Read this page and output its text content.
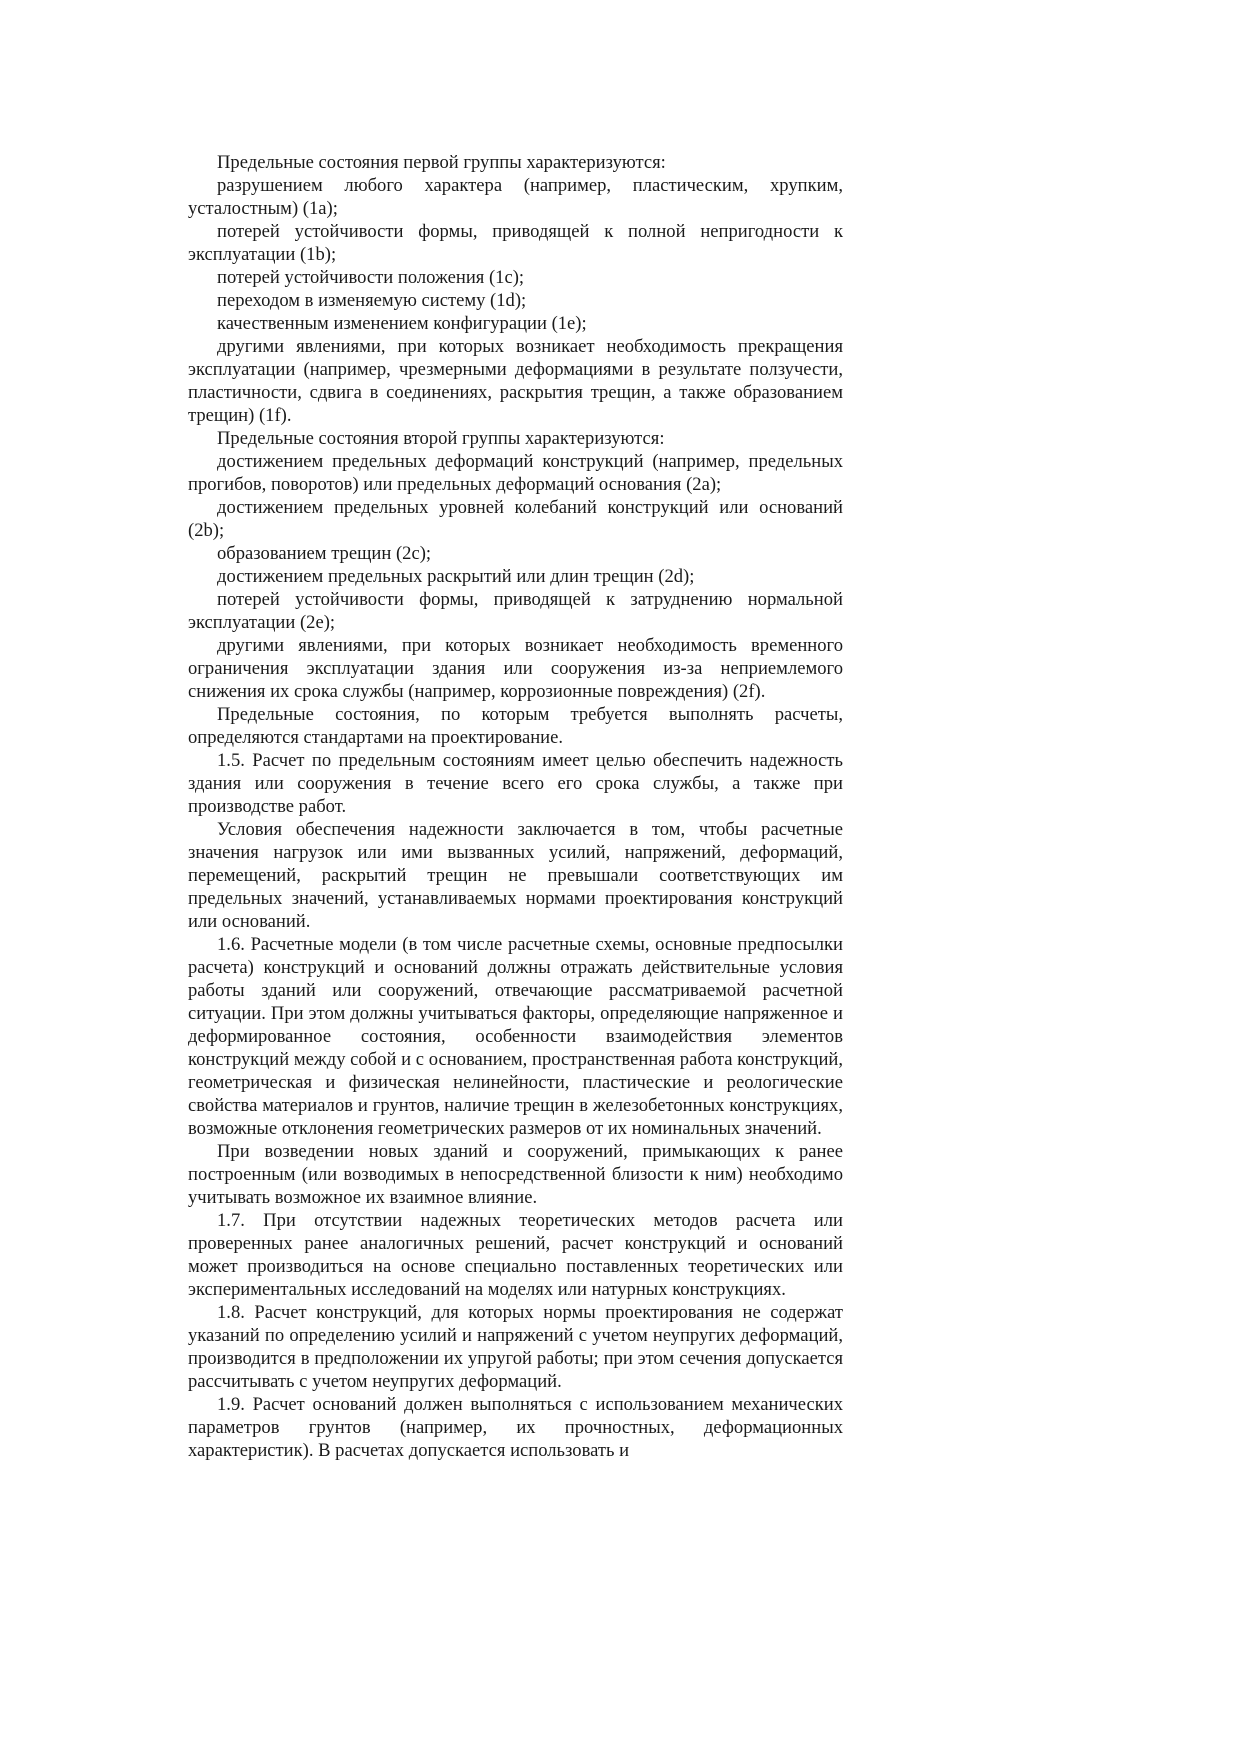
Предельные состояния первой группы характеризуются:

разрушением любого характера (например, пластическим, хрупким, усталостным) (1a);

потерей устойчивости формы, приводящей к полной непригодности к эксплуатации (1b);

потерей устойчивости положения (1c);

переходом в изменяемую систему (1d);

качественным изменением конфигурации (1e);

другими явлениями, при которых возникает необходимость прекращения эксплуатации (например, чрезмерными деформациями в результате ползучести, пластичности, сдвига в соединениях, раскрытия трещин, а также образованием трещин) (1f).

Предельные состояния второй группы характеризуются:

достижением предельных деформаций конструкций (например, предельных прогибов, поворотов) или предельных деформаций основания (2a);

достижением предельных уровней колебаний конструкций или оснований (2b);

образованием трещин (2c);

достижением предельных раскрытий или длин трещин (2d);

потерей устойчивости формы, приводящей к затруднению нормальной эксплуатации (2e);

другими явлениями, при которых возникает необходимость временного ограничения эксплуатации здания или сооружения из-за неприемлемого снижения их срока службы (например, коррозионные повреждения) (2f).

Предельные состояния, по которым требуется выполнять расчеты, определяются стандартами на проектирование.

1.5. Расчет по предельным состояниям имеет целью обеспечить надежность здания или сооружения в течение всего его срока службы, а также при производстве работ.

Условия обеспечения надежности заключается в том, чтобы расчетные значения нагрузок или ими вызванных усилий, напряжений, деформаций, перемещений, раскрытий трещин не превышали соответствующих им предельных значений, устанавливаемых нормами проектирования конструкций или оснований.

1.6. Расчетные модели (в том числе расчетные схемы, основные предпосылки расчета) конструкций и оснований должны отражать действительные условия работы зданий или сооружений, отвечающие рассматриваемой расчетной ситуации. При этом должны учитываться факторы, определяющие напряженное и деформированное состояния, особенности взаимодействия элементов конструкций между собой и с основанием, пространственная работа конструкций, геометрическая и физическая нелинейности, пластические и реологические свойства материалов и грунтов, наличие трещин в железобетонных конструкциях, возможные отклонения геометрических размеров от их номинальных значений.

При возведении новых зданий и сооружений, примыкающих к ранее построенным (или возводимых в непосредственной близости к ним) необходимо учитывать возможное их взаимное влияние.

1.7. При отсутствии надежных теоретических методов расчета или проверенных ранее аналогичных решений, расчет конструкций и оснований может производиться на основе специально поставленных теоретических или экспериментальных исследований на моделях или натурных конструкциях.

1.8. Расчет конструкций, для которых нормы проектирования не содержат указаний по определению усилий и напряжений с учетом неупругих деформаций, производится в предположении их упругой работы; при этом сечения допускается рассчитывать с учетом неупругих деформаций.

1.9. Расчет оснований должен выполняться с использованием механических параметров грунтов (например, их прочностных, деформационных характеристик). В расчетах допускается использовать и
